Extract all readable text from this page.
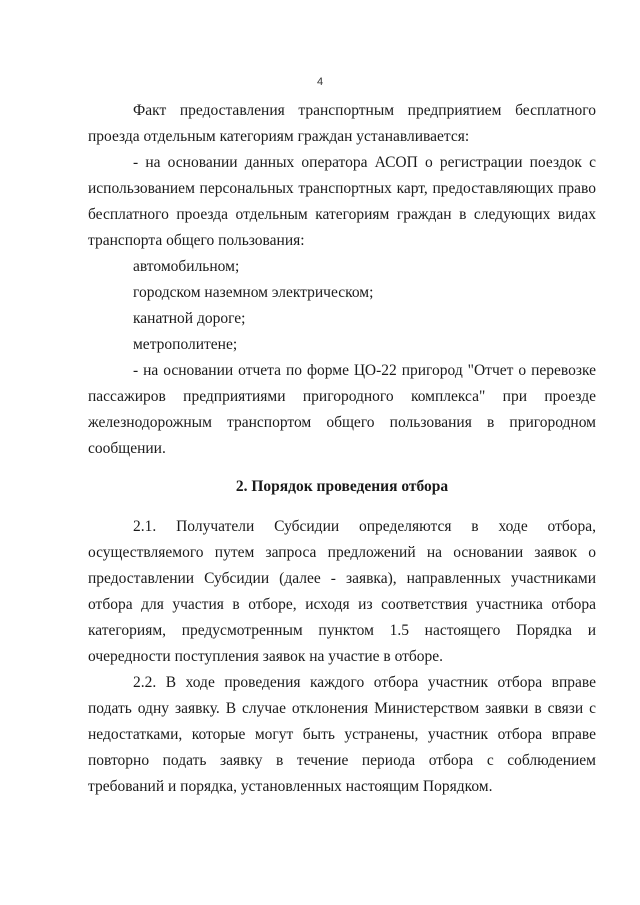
4

Факт предоставления транспортным предприятием бесплатного проезда отдельным категориям граждан устанавливается:

- на основании данных оператора АСОП о регистрации поездок с использованием персональных транспортных карт, предоставляющих право бесплатного проезда отдельным категориям граждан в следующих видах транспорта общего пользования:

автомобильном;

городском наземном электрическом;

канатной дороге;

метрополитене;

- на основании отчета по форме ЦО-22 пригород "Отчет о перевозке пассажиров предприятиями пригородного комплекса" при проезде железнодорожным транспортом общего пользования в пригородном сообщении.

2. Порядок проведения отбора

2.1. Получатели Субсидии определяются в ходе отбора, осуществляемого путем запроса предложений на основании заявок о предоставлении Субсидии (далее - заявка), направленных участниками отбора для участия в отборе, исходя из соответствия участника отбора категориям, предусмотренным пунктом 1.5 настоящего Порядка и очередности поступления заявок на участие в отборе.

2.2. В ходе проведения каждого отбора участник отбора вправе подать одну заявку. В случае отклонения Министерством заявки в связи с недостатками, которые могут быть устранены, участник отбора вправе повторно подать заявку в течение периода отбора с соблюдением требований и порядка, установленных настоящим Порядком.
